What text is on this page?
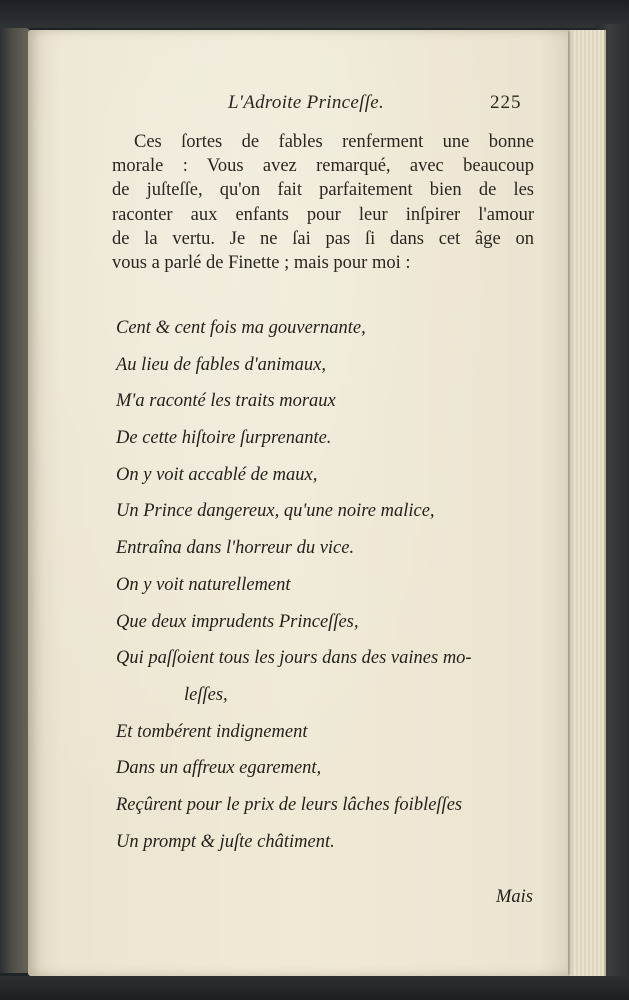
L'Adroite Princeſſe.	225
Ces ſortes de fables renferment une bonne
morale : Vous avez remarqué, avec beaucoup
de juſteſſe, qu'on fait parfaitement bien de les
raconter aux enfants pour leur inſpirer l'amour
de la vertu. Je ne ſai pas ſi dans cet âge on
vous a parlé de Finette ; mais pour moi :
Cent & cent fois ma gouvernante,
Au lieu de fables d'animaux,
M'a raconté les traits moraux
De cette hiſtoire ſurprenante.
On y voit accablé de maux,
Un Prince dangereux, qu'une noire malice,
Entraîna dans l'horreur du vice.
On y voit naturellement
Que deux imprudents Princeſſes,
Qui paſſoient tous les jours dans des vaines mo-
leſſes,
Et tombérent indignement
Dans un affreux egarement,
Reçûrent pour le prix de leurs lâches foibleſſes
Un prompt & juſte châtiment.
Mais
